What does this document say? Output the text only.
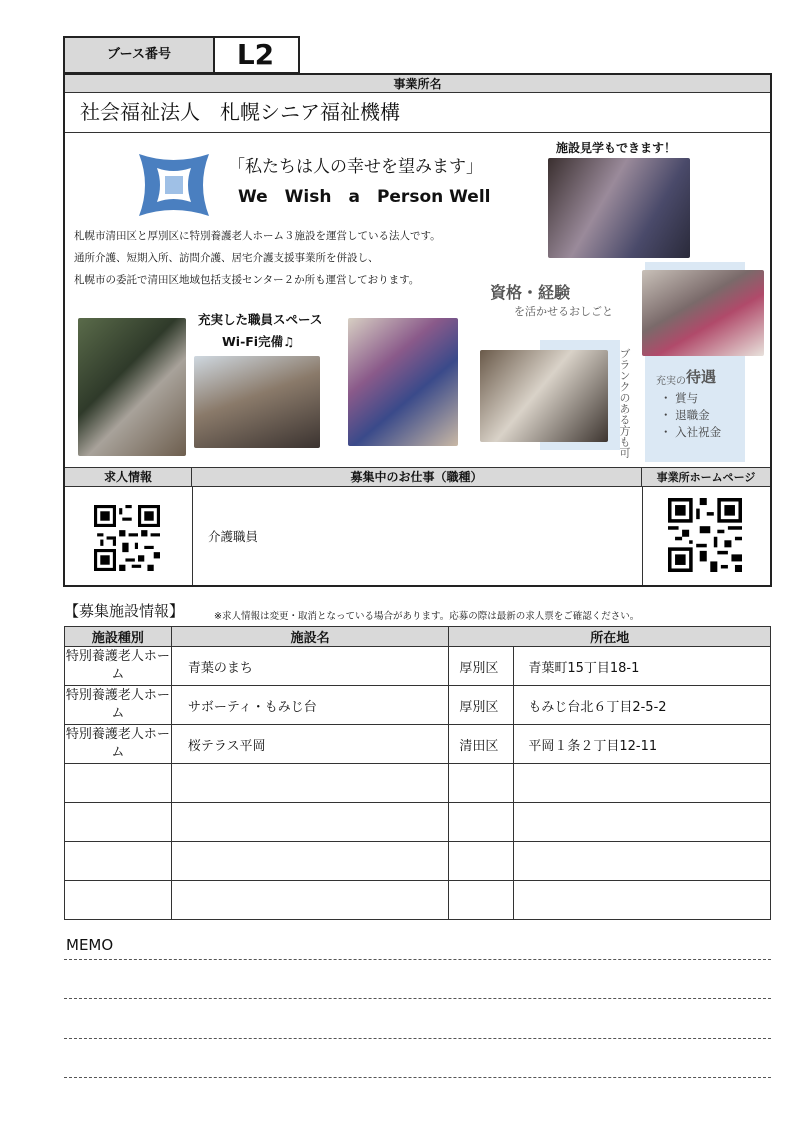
ブース番号	L2
事業所名
社会福祉法人　札幌シニア福祉機構
「私たちは人の幸せを望みます」
We　Wish　a　Person Well
札幌市清田区と厚別区に特別養護老人ホーム３施設を運営している法人です。
通所介護、短期入所、訪問介護、居宅介護支援事業所を併設し、
札幌市の委託で清田区地域包括支援センター２か所も運営しております。
施設見学もできます！
充実した職員スペース
Wi-Fi完備♫
資格・経験
を活かせるおしごと
ブランクのある方も可	充実の 待遇
・ 賞与
・ 退職金
・ 入社祝金
求人情報	募集中のお仕事（職種）	事業所ホームページ
介護職員
【募集施設情報】	※求人情報は変更・取消となっている場合があります。応募の際は最新の求人票をご確認ください。
施設種別	施設名	所在地	
特別養護老人ホーム	青葉のまち	厚別区	青葉町15丁目18-1
特別養護老人ホーム	サボーティ・もみじ台	厚別区	もみじ台北６丁目2-5-2
特別養護老人ホーム	桜テラス平岡	清田区	平岡１条２丁目12-11

MEMO
